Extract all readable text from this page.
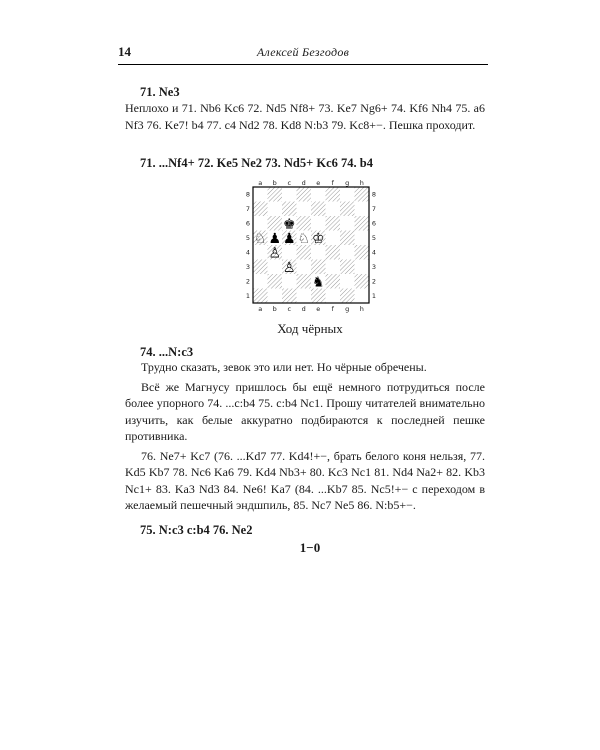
14	Алексей Безгодов
71. Ne3

Неплохо и 71. Nb6 Kc6 72. Nd5 Nf8+ 73. Ke7 Ng6+ 74. Kf6 Nh4 75. a6 Nf3 76. Ke7! b4 77. c4 Nd2 78. Kd8 N:b3 79. Kc8+−. Пешка проходит.

71. ...Nf4+ 72. Ke5 Ne2 73. Nd5+ Kc6 74. b4
a
a
b
b
c
c
d
d
e
e
f
f
g
g
h
h
8	8
7	7
6	6
5	5
4	4
3	3
2	2
1	1
♚
♘ ♟ ♟ ♘ ♔
♙
♙
♞
Ход чёрных
74. ...N:c3

Трудно сказать, зевок это или нет. Но чёрные обречены.

Всё же Магнусу пришлось бы ещё немного потрудиться после более упорного 74. ...c:b4 75. c:b4 Nc1. Прошу читателей внимательно изучить, как белые аккуратно подбираются к последней пешке противника.

76. Ne7+ Kc7 (76. ...Kd7 77. Kd4!+−, брать белого коня нельзя, 77. Kd5 Kb7 78. Nc6 Ka6 79. Kd4 Nb3+ 80. Kc3 Nc1 81. Nd4 Na2+ 82. Kb3 Nc1+ 83. Ka3 Nd3 84. Ne6! Ka7 (84. ...Kb7 85. Nc5!+− с переходом в желаемый пешечный эндшпиль, 85. Nc7 Ne5 86. N:b5+−.

75. N:c3 c:b4 76. Ne2
1−0
